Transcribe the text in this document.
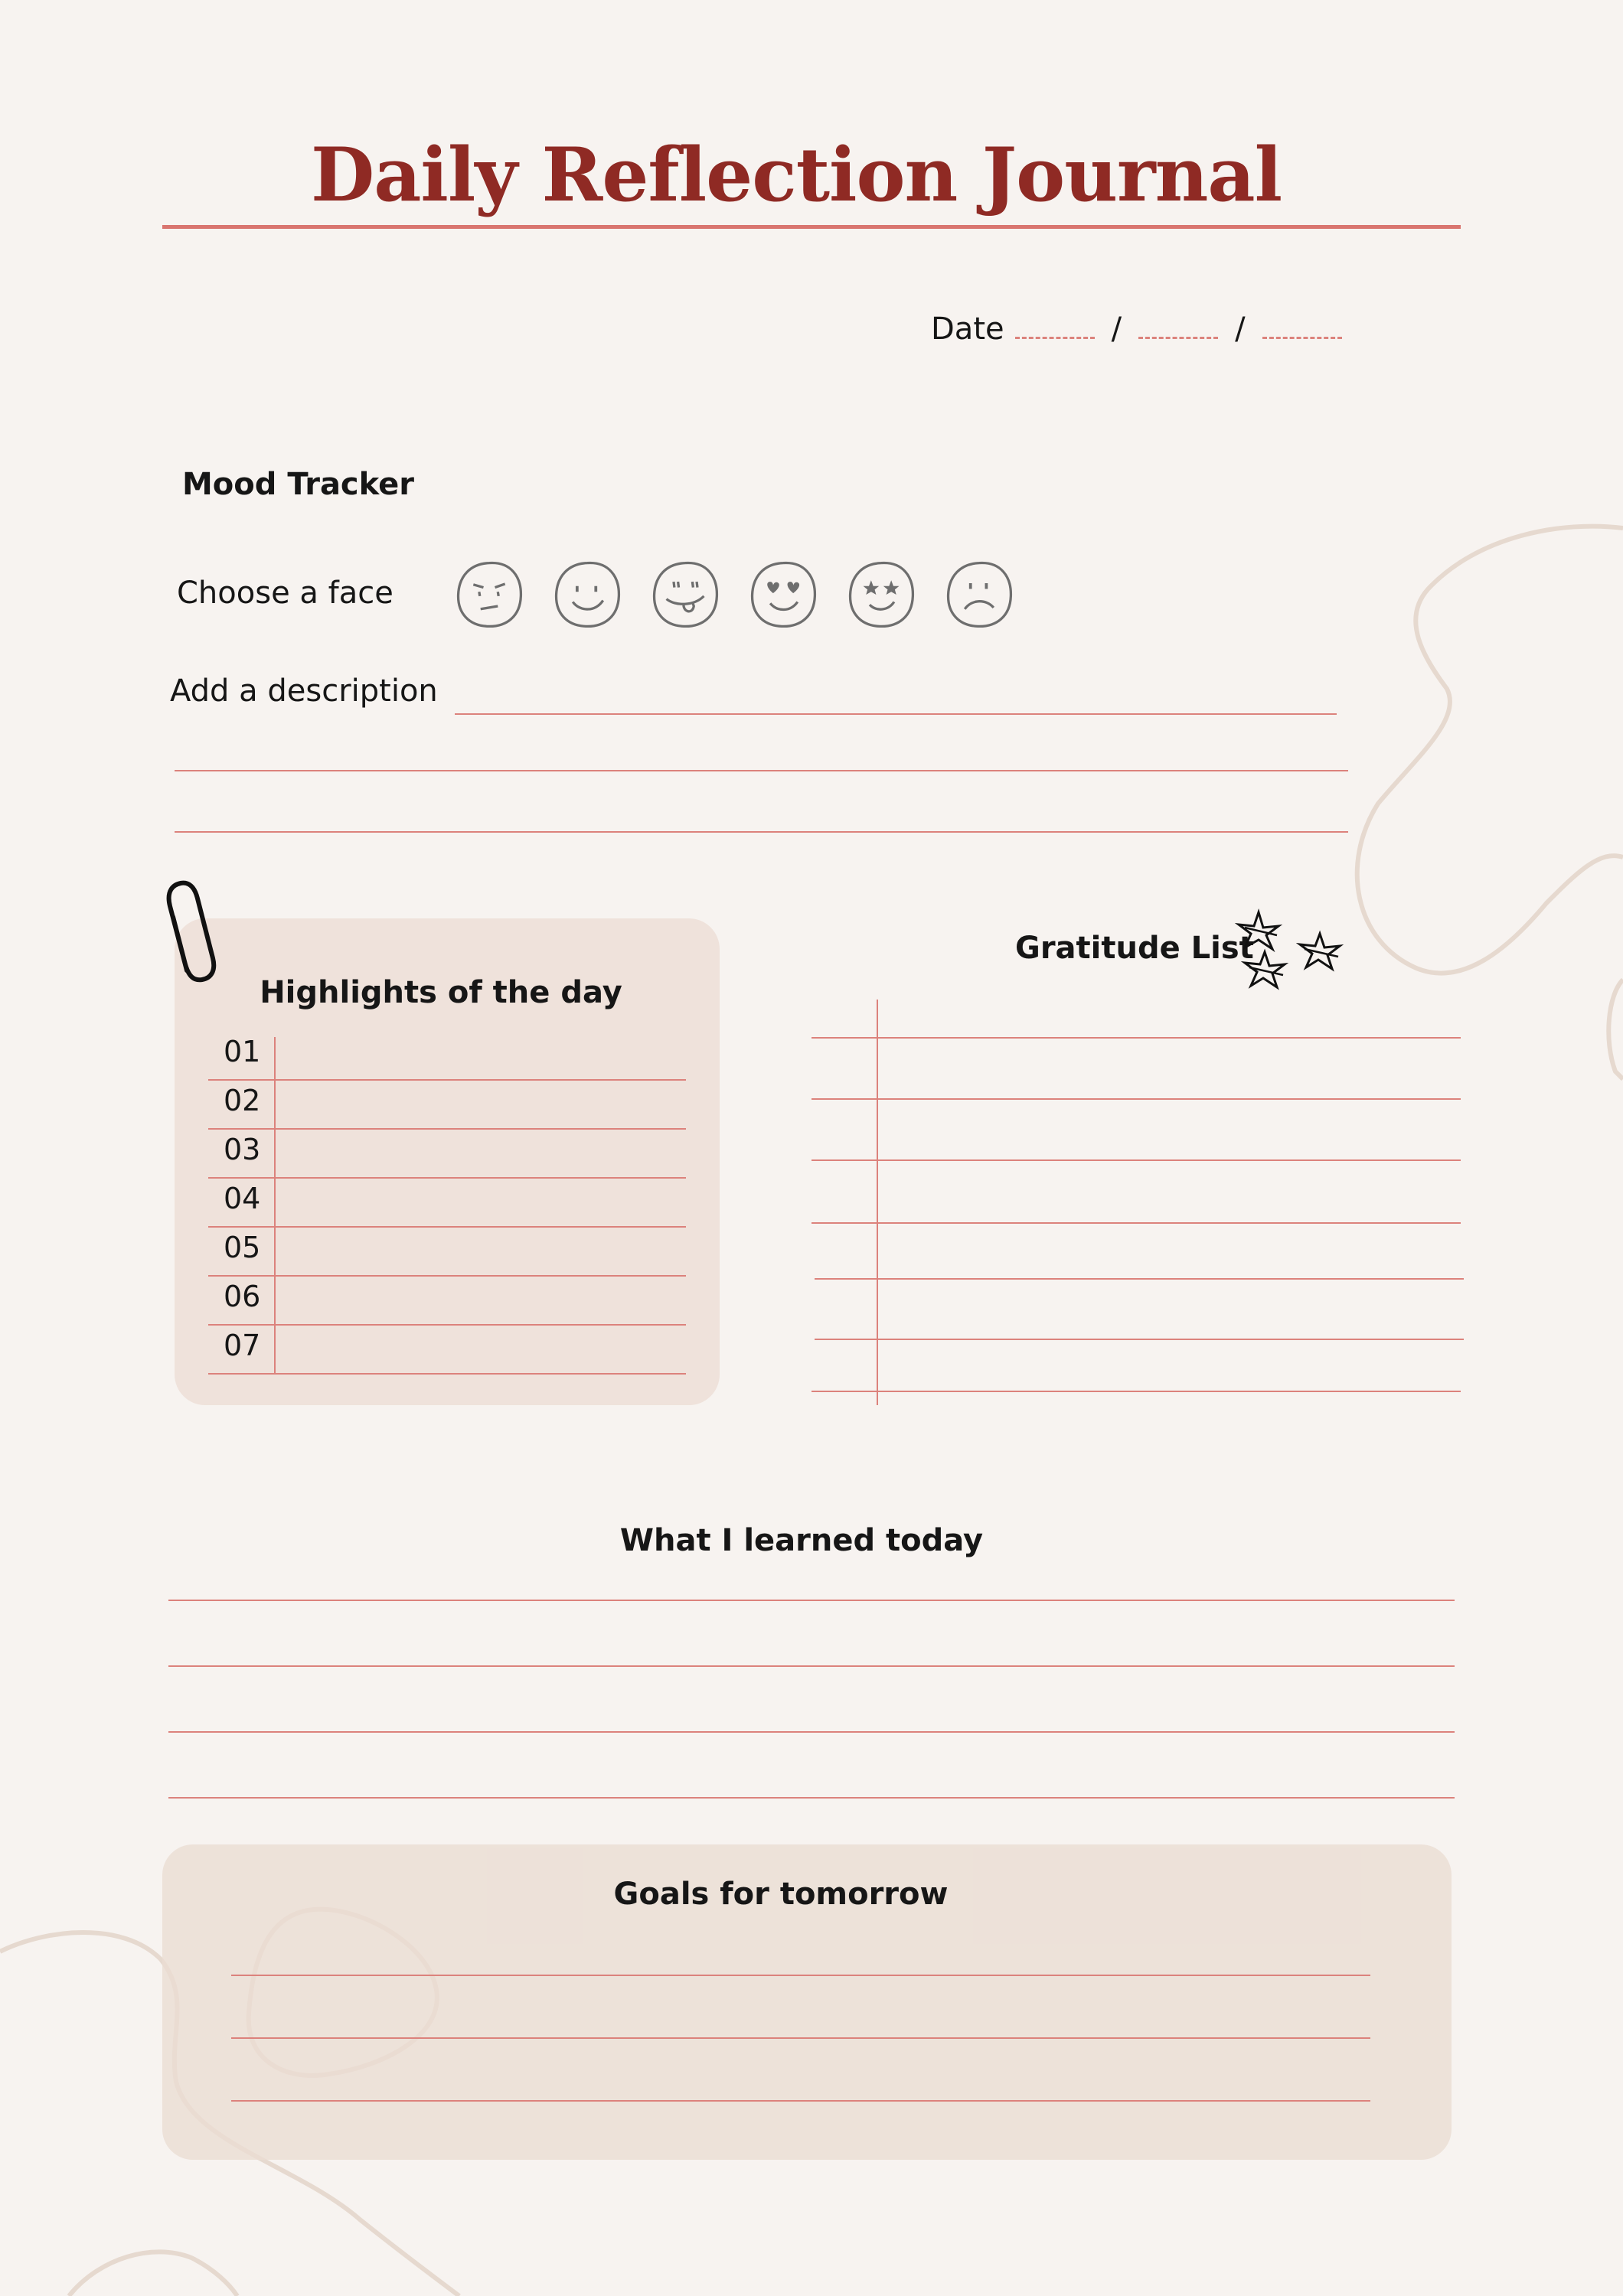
Daily Reflection Journal
Date	/	/
Mood Tracker
Choose a face
Add a description
Highlights of the day
01
02
03
04
05
06
07
Gratitude List
What I learned today
Goals for tomorrow
